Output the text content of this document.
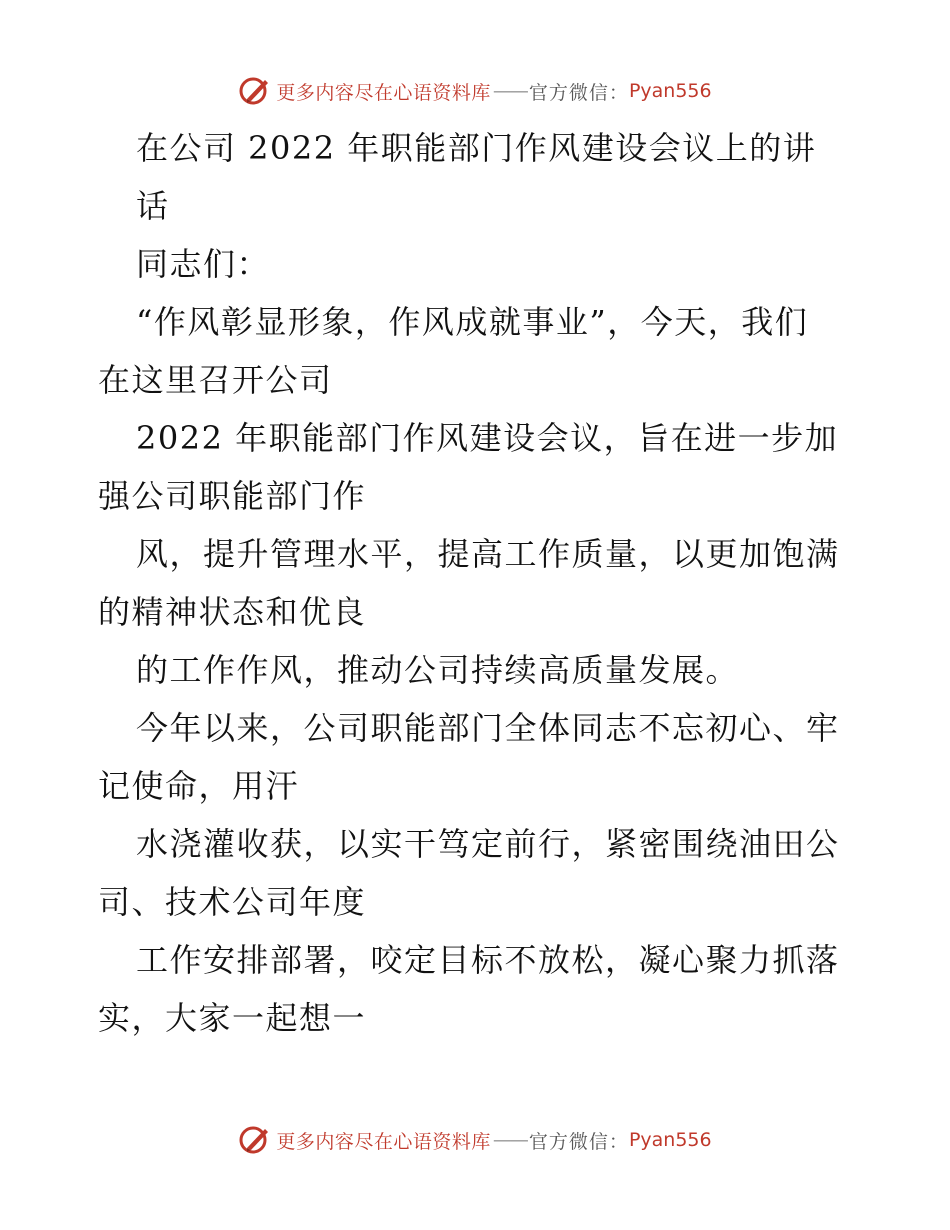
更多内容尽在心语资料库 —— 官方微信： Pyan556
在公司 2022 年职能部门作风建设会议上的讲
话
同志们：
“作风彰显形象，作风成就事业”，今天，我们
在这里召开公司
2022 年职能部门作风建设会议，旨在进一步加
强公司职能部门作
风，提升管理水平，提高工作质量，以更加饱满
的精神状态和优良
的工作作风，推动公司持续高质量发展。
今年以来，公司职能部门全体同志不忘初心、牢
记使命，用汗
水浇灌收获，以实干笃定前行，紧密围绕油田公
司、技术公司年度
工作安排部署，咬定目标不放松，凝心聚力抓落
实，大家一起想一
更多内容尽在心语资料库 —— 官方微信： Pyan556
